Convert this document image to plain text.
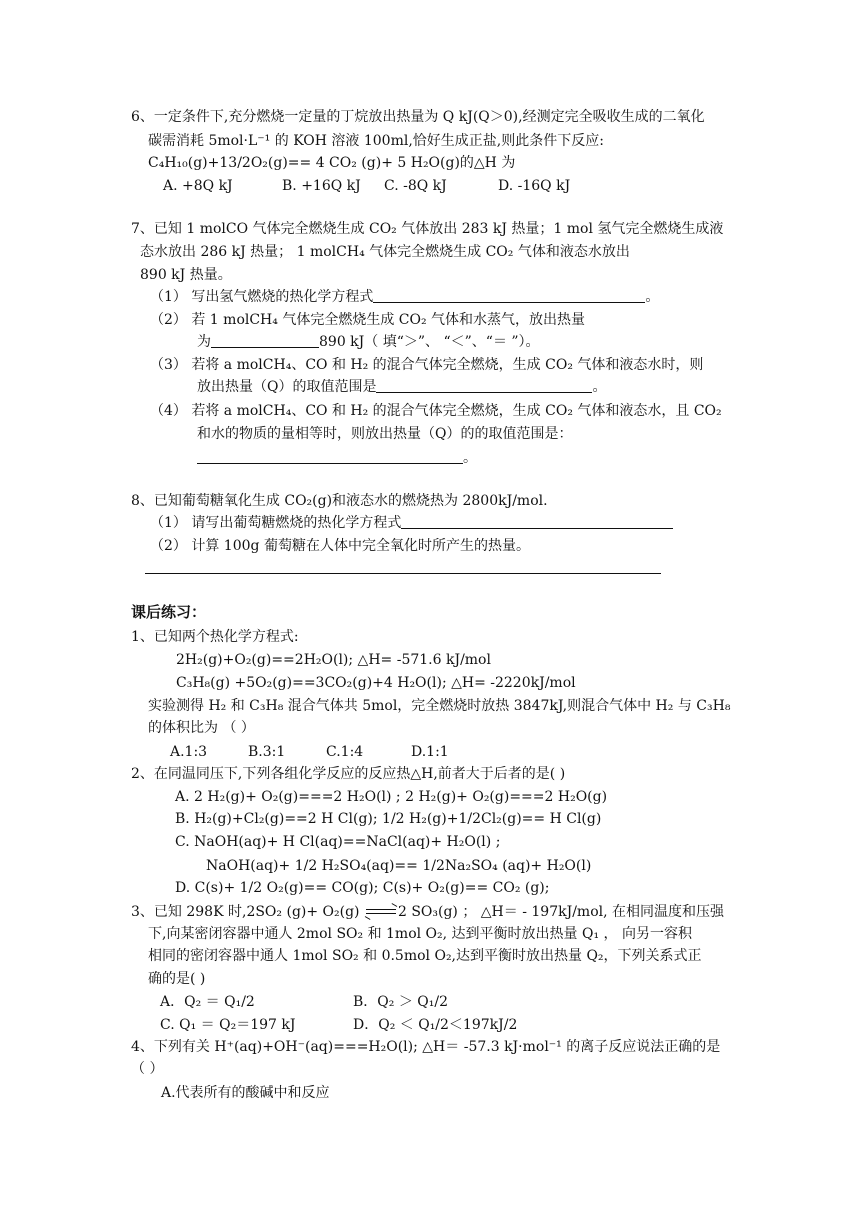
6、一定条件下,充分燃烧一定量的丁烷放出热量为 Q kJ(Q＞0),经测定完全吸收生成的二氧化
碳需消耗 5mol·L⁻¹ 的 KOH 溶液 100ml,恰好生成正盐,则此条件下反应:
C₄H₁₀(g)+13/2O₂(g)== 4 CO₂ (g)+ 5 H₂O(g)的△H 为
A. +8Q kJ	B. +16Q kJ C. -8Q kJ	D. -16Q kJ
7、已知 1 molCO 气体完全燃烧生成 CO₂ 气体放出 283 kJ 热量；1 mol 氢气完全燃烧生成液
态水放出 286 kJ 热量； 1 molCH₄ 气体完全燃烧生成 CO₂ 气体和液态水放出
890 kJ 热量。
（1） 写出氢气燃烧的热化学方程式	。
（2） 若 1 molCH₄ 气体完全燃烧生成 CO₂ 气体和水蒸气，放出热量
为	890 kJ（ 填“＞”、 “＜”、“＝ ”）。
（3） 若将 a molCH₄、CO 和 H₂ 的混合气体完全燃烧，生成 CO₂ 气体和液态水时，则
放出热量（Q）的取值范围是	。
（4） 若将 a molCH₄、CO 和 H₂ 的混合气体完全燃烧，生成 CO₂ 气体和液态水，且 CO₂
和水的物质的量相等时，则放出热量（Q）的的取值范围是：
。
8、已知葡萄糖氧化生成 CO₂(g)和液态水的燃烧热为 2800kJ/mol.
（1） 请写出葡萄糖燃烧的热化学方程式
（2） 计算 100g 葡萄糖在人体中完全氧化时所产生的热量。
课后练习：
1、已知两个热化学方程式:
2H₂(g)+O₂(g)==2H₂O(l); △H= -571.6 kJ/mol
C₃H₈(g) +5O₂(g)==3CO₂(g)+4 H₂O(l); △H= -2220kJ/mol
实验测得 H₂ 和 C₃H₈ 混合气体共 5mol，完全燃烧时放热 3847kJ,则混合气体中 H₂ 与 C₃H₈
的体积比为 （ ）
A.1:3	B.3:1	C.1:4	D.1:1
2、在同温同压下,下列各组化学反应的反应热△H,前者大于后者的是( )
A. 2 H₂(g)+ O₂(g)===2 H₂O(l) ; 2 H₂(g)+ O₂(g)===2 H₂O(g)
B. H₂(g)+Cl₂(g)==2 H Cl(g); 1/2 H₂(g)+1/2Cl₂(g)== H Cl(g)
C. NaOH(aq)+ H Cl(aq)==NaCl(aq)+ H₂O(l) ;
NaOH(aq)+ 1/2 H₂SO₄(aq)== 1/2Na₂SO₄ (aq)+ H₂O(l)
D. C(s)+ 1/2 O₂(g)== CO(g); C(s)+ O₂(g)== CO₂ (g);
3、已知 298K 时,2SO₂ (g)+ O₂(g)
2 SO₃(g) ； △H＝ - 197kJ/mol, 在相同温度和压强
下,向某密闭容器中通人 2mol SO₂ 和 1mol O₂, 达到平衡时放出热量 Q₁ ， 向另一容积
相同的密闭容器中通人 1mol SO₂ 和 0.5mol O₂,达到平衡时放出热量 Q₂，下列关系式正
确的是( )
A．Q₂ ＝ Q₁/2	B．Q₂ ＞ Q₁/2
C. Q₁ ＝ Q₂＝197 kJ	D．Q₂ ＜ Q₁/2＜197kJ/2
4、下列有关 H⁺(aq)+OH⁻(aq)===H₂O(l); △H＝ -57.3 kJ·mol⁻¹ 的离子反应说法正确的是
（ ）
A.代表所有的酸碱中和反应
